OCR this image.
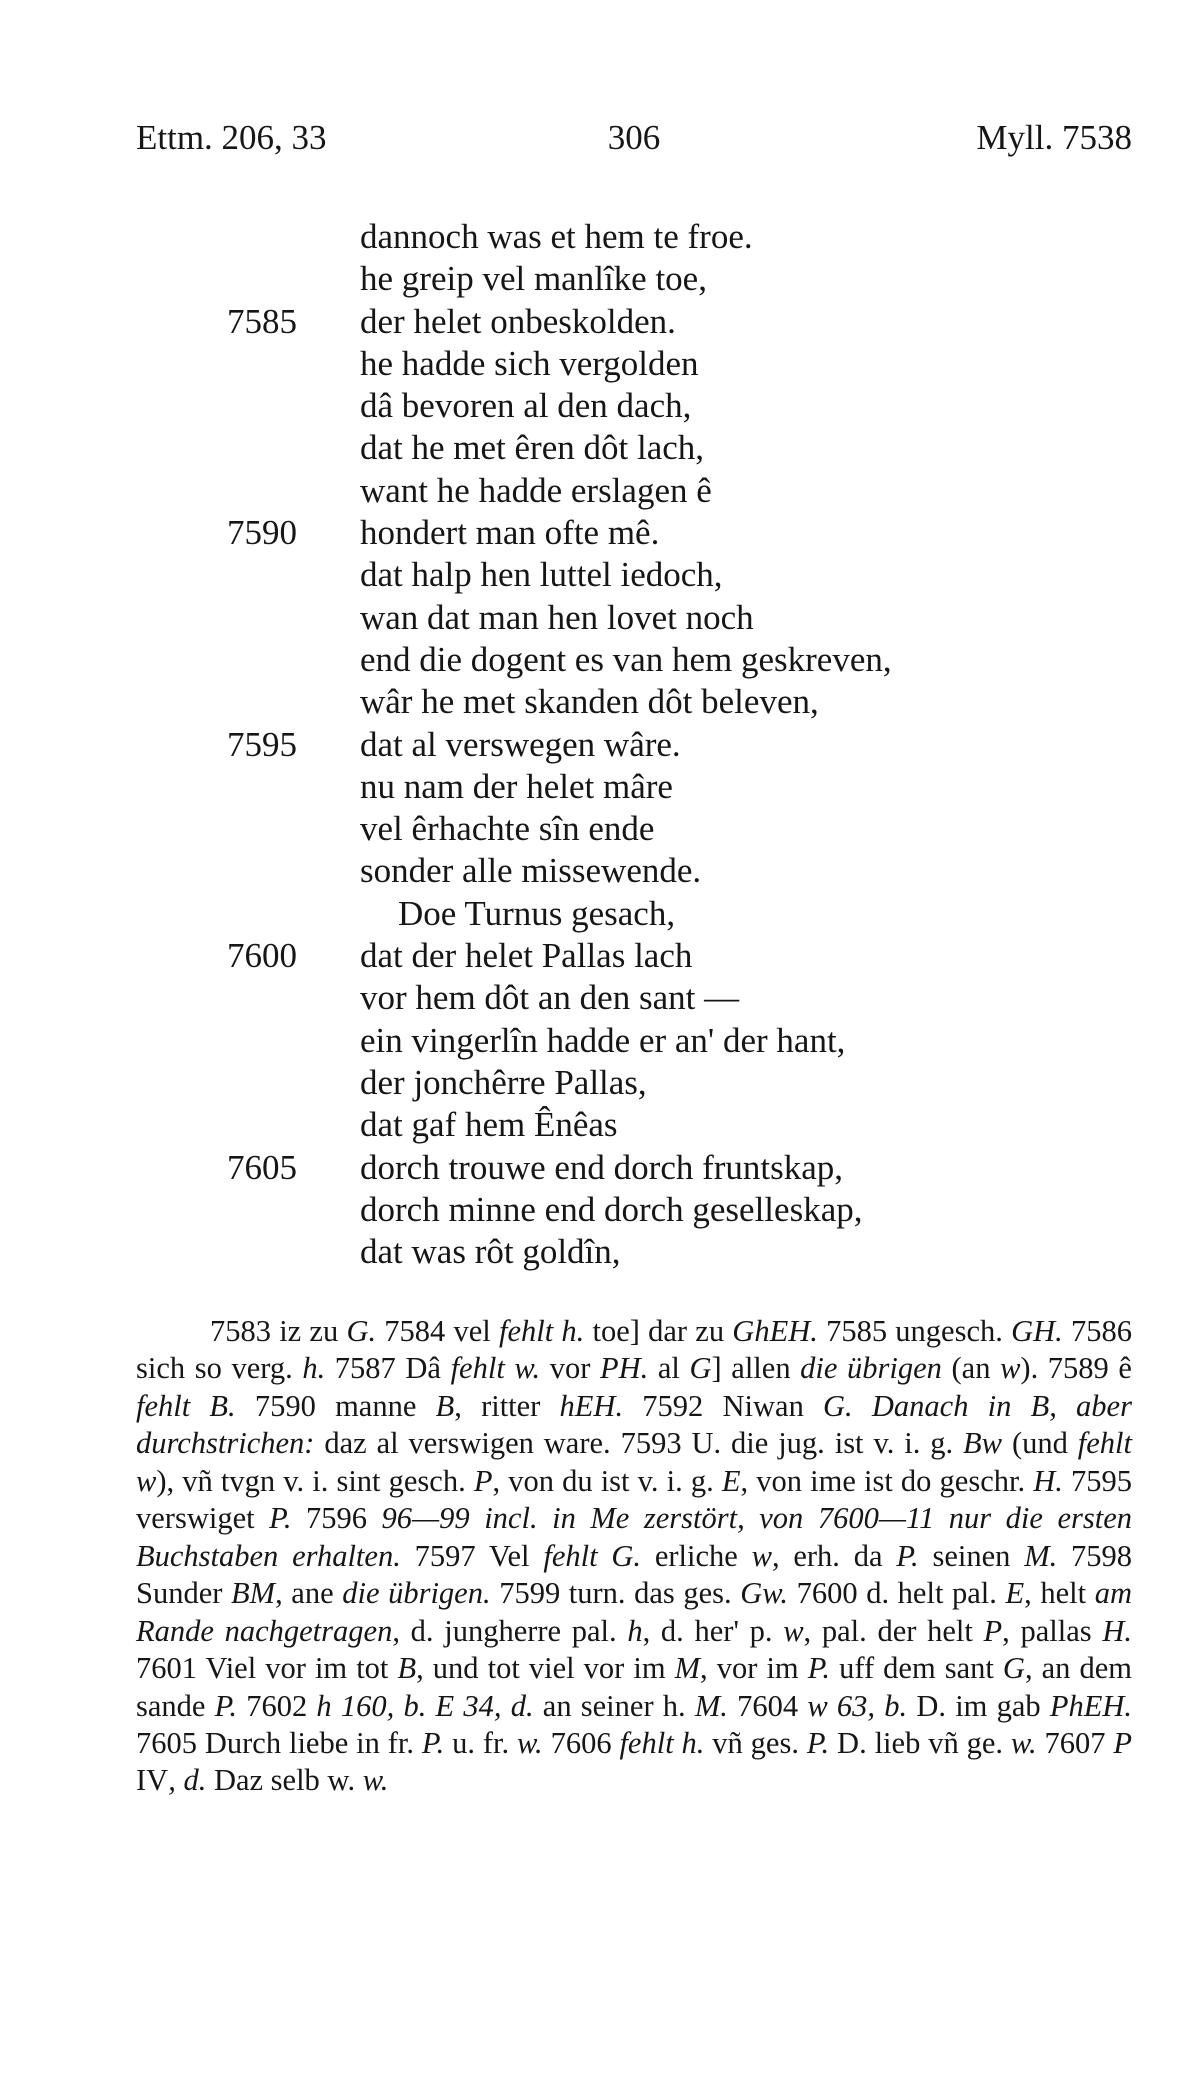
Ettm. 206, 33	306	Myll. 7538
dannoch was et hem te froe.
he greip vel manlîke toe,
7585	der helet onbeskolden.
he hadde sich vergolden
dâ bevoren al den dach,
dat he met êren dôt lach,
want he hadde erslagen ê
7590	hondert man ofte mê.
dat halp hen luttel iedoch,
wan dat man hen lovet noch
end die dogent es van hem geskreven,
wâr he met skanden dôt beleven,
7595	dat al verswegen wâre.
nu nam der helet mâre
vel êrhachte sîn ende
sonder alle missewende.
Doe Turnus gesach,
7600	dat der helet Pallas lach
vor hem dôt an den sant —
ein vingerlîn hadde er an' der hant,
der jonchêrre Pallas,
dat gaf hem Ênêas
7605	dorch trouwe end dorch fruntskap,
dorch minne end dorch geselleskap,
dat was rôt goldîn,

7583 iz zu G. 7584 vel fehlt h. toe] dar zu GhEH. 7585 ungesch. GH. 7586 sich so verg. h. 7587 Dâ fehlt w. vor PH. al G] allen die übrigen (an w). 7589 ê fehlt B. 7590 manne B, ritter hEH. 7592 Niwan G. Danach in B, aber durchstrichen: daz al verswigen ware. 7593 U. die jug. ist v. i. g. Bw (und fehlt w), vñ tvgn v. i. sint gesch. P, von du ist v. i. g. E, von ime ist do geschr. H. 7595 verswiget P. 7596 96—99 incl. in Me zerstört, von 7600—11 nur die ersten Buchstaben erhalten. 7597 Vel fehlt G. erliche w, erh. da P. seinen M. 7598 Sunder BM, ane die übrigen. 7599 turn. das ges. Gw. 7600 d. helt pal. E, helt am Rande nachgetragen, d. jungherre pal. h, d. her' p. w, pal. der helt P, pallas H. 7601 Viel vor im tot B, und tot viel vor im M, vor im P. uff dem sant G, an dem sande P. 7602 h 160, b. E 34, d. an seiner h. M. 7604 w 63, b. D. im gab PhEH. 7605 Durch liebe in fr. P. u. fr. w. 7606 fehlt h. vñ ges. P. D. lieb vñ ge. w. 7607 P IV, d. Daz selb w. w.
